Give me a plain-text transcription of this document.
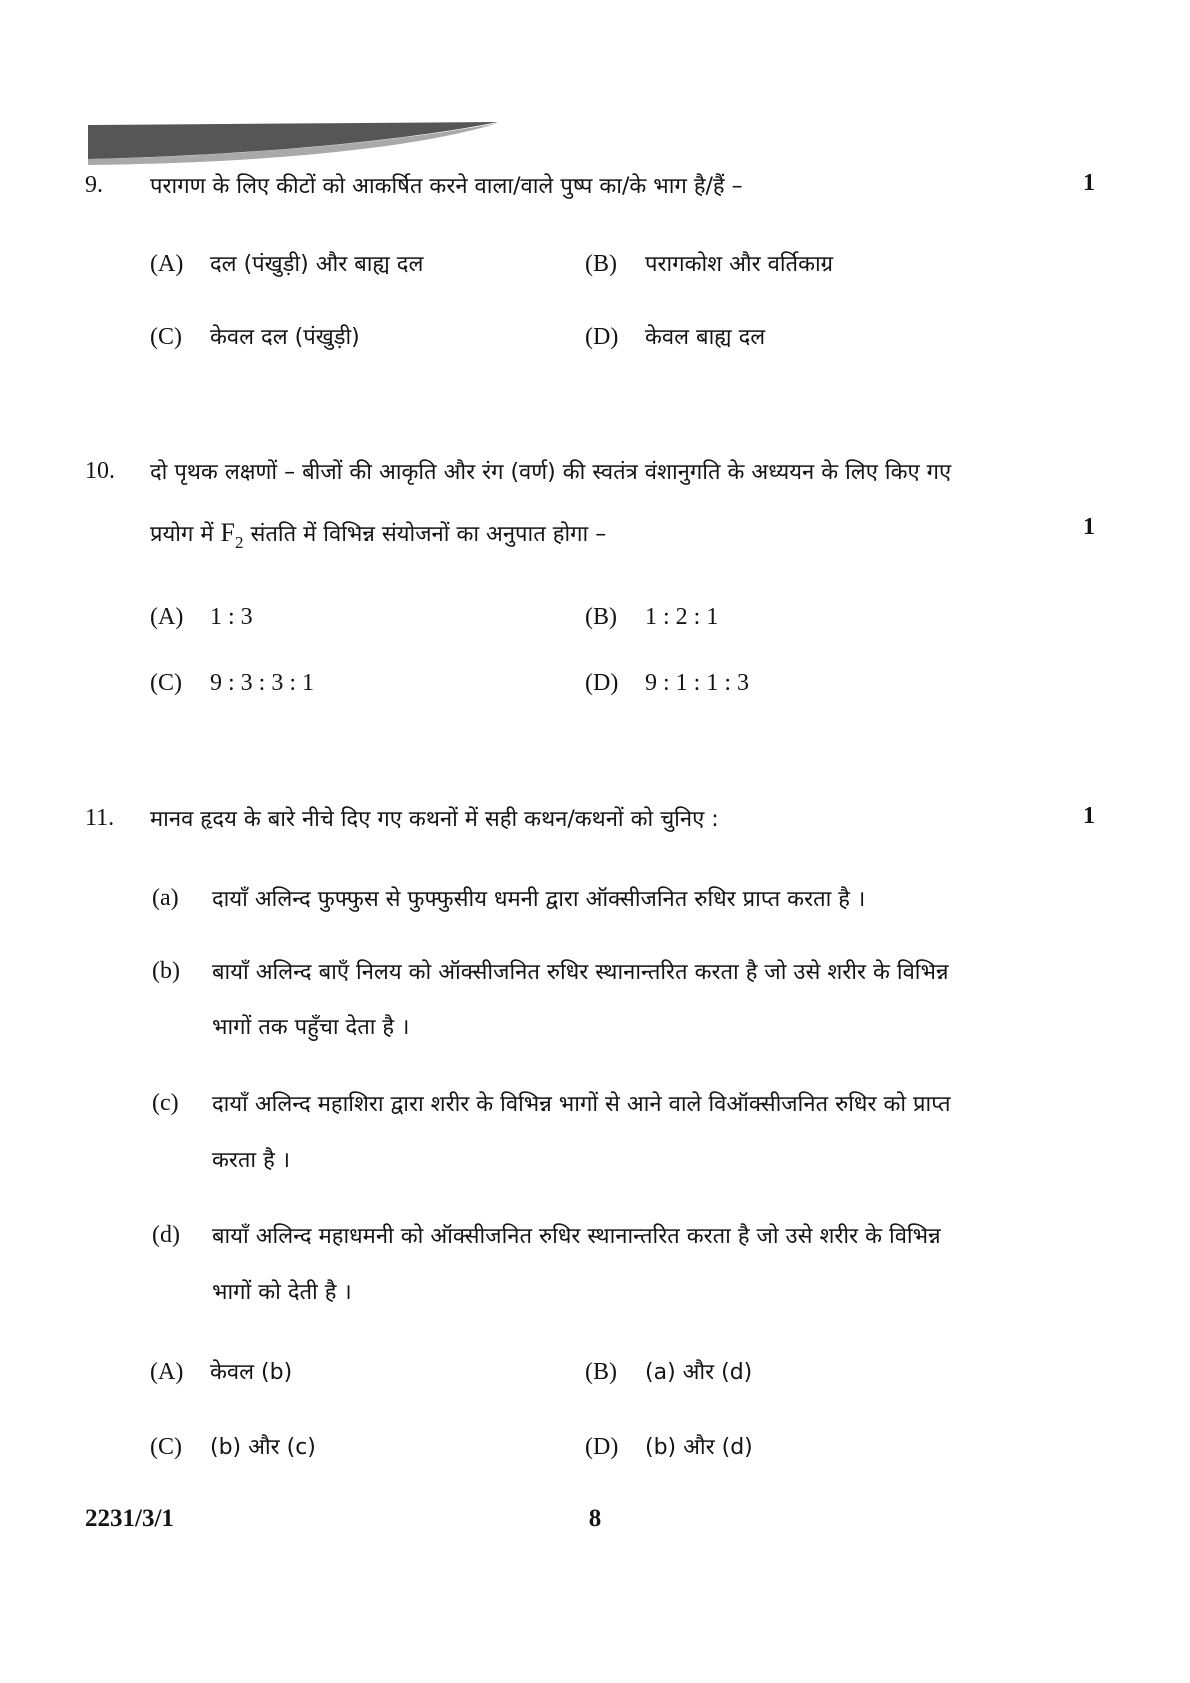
9. परागण के लिए कीटों को आकर्षित करने वाला/वाले पुष्प का/के भाग है/हैं –	1
(A)	दल (पंखुड़ी) और बाह्य दल	(B)	परागकोश और वर्तिकाग्र
(C)	केवल दल (पंखुड़ी)	(D)	केवल बाह्य दल
10. दो पृथक लक्षणों – बीजों की आकृति और रंग (वर्ण) की स्वतंत्र वंशानुगति के अध्ययन के लिए किए गए
प्रयोग में $F_2$ संतति में विभिन्न संयोजनों का अनुपात होगा –	1
(A)	1 : 3	(B)	1 : 2 : 1
(C)	9 : 3 : 3 : 1	(D)	9 : 1 : 1 : 3
11. मानव हृदय के बारे नीचे दिए गए कथनों में सही कथन/कथनों को चुनिए :	1
(a) दायाँ अलिन्द फुफ्फुस से फुफ्फुसीय धमनी द्वारा ऑक्सीजनित रुधिर प्राप्त करता है ।
(b) बायाँ अलिन्द बाएँ निलय को ऑक्सीजनित रुधिर स्थानान्तरित करता है जो उसे शरीर के विभिन्न
भागों तक पहुँचा देता है ।
(c) दायाँ अलिन्द महाशिरा द्वारा शरीर के विभिन्न भागों से आने वाले विऑक्सीजनित रुधिर को प्राप्त
करता है ।
(d) बायाँ अलिन्द महाधमनी को ऑक्सीजनित रुधिर स्थानान्तरित करता है जो उसे शरीर के विभिन्न
भागों को देती है ।
(A)	केवल (b)	(B)	(a) और (d)
(C)	(b) और (c)	(D)	(b) और (d)
2231/3/1	8
